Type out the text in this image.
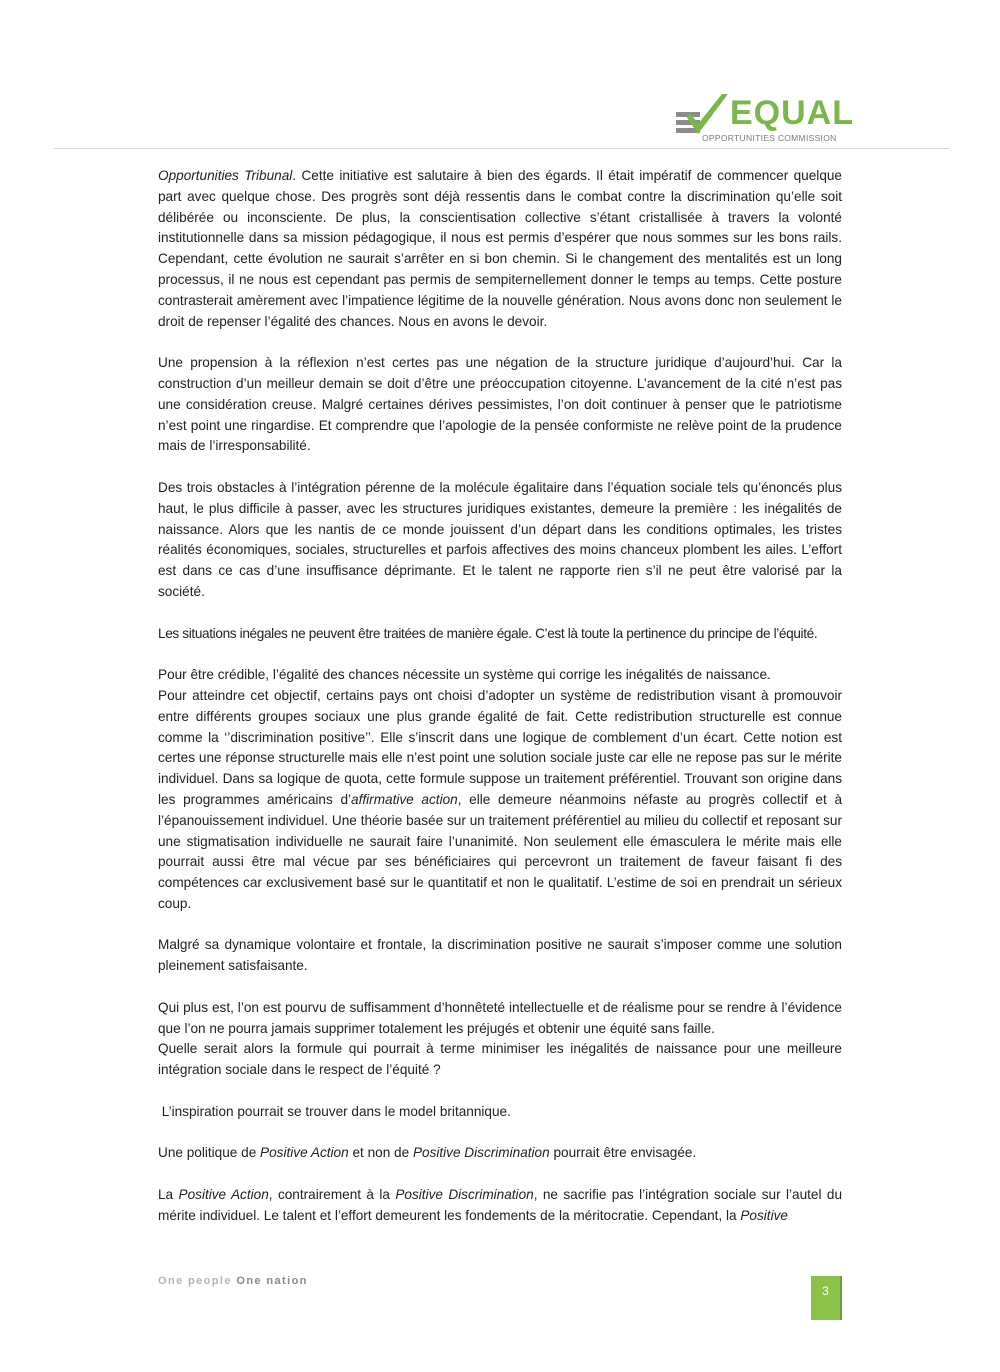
EQUAL
OPPORTUNITIES COMMISSION

Opportunities Tribunal. Cette initiative est salutaire à bien des égards. Il était impératif de commencer quelque part avec quelque chose. Des progrès sont déjà ressentis dans le combat contre la discrimination qu’elle soit délibérée ou inconsciente. De plus, la conscientisation collective s’étant cristallisée à travers la volonté institutionnelle dans sa mission pédagogique, il nous est permis d’espérer que nous sommes sur les bons rails. Cependant, cette évolution ne saurait s’arrêter en si bon chemin. Si le changement des mentalités est un long processus, il ne nous est cependant pas permis de sempiternellement donner le temps au temps. Cette posture contrasterait amèrement avec l’impatience légitime de la nouvelle génération. Nous avons donc non seulement le droit de repenser l’égalité des chances. Nous en avons le devoir.

Une propension à la réflexion n’est certes pas une négation de la structure juridique d’aujourd’hui. Car la construction d’un meilleur demain se doit d’être une préoccupation citoyenne. L’avancement de la cité n’est pas une considération creuse. Malgré certaines dérives pessimistes, l’on doit continuer à penser que le patriotisme n’est point une ringardise. Et comprendre que l’apologie de la pensée conformiste ne relève point de la prudence mais de l’irresponsabilité.

Des trois obstacles à l’intégration pérenne de la molécule égalitaire dans l’équation sociale tels qu’énoncés plus haut, le plus difficile à passer, avec les structures juridiques existantes, demeure la première : les inégalités de naissance. Alors que les nantis de ce monde jouissent d’un départ dans les conditions optimales, les tristes réalités économiques, sociales, structurelles et parfois affectives des moins chanceux plombent les ailes. L’effort est dans ce cas d’une insuffisance déprimante. Et le talent ne rapporte rien s’il ne peut être valorisé par la société.

Les situations inégales ne peuvent être traitées de manière égale. C’est là toute la pertinence du principe de l’équité.

Pour être crédible, l’égalité des chances nécessite un système qui corrige les inégalités de naissance.
Pour atteindre cet objectif, certains pays ont choisi d’adopter un système de redistribution visant à promouvoir entre différents groupes sociaux une plus grande égalité de fait. Cette redistribution structurelle est connue comme la ‘’discrimination positive’’. Elle s’inscrit dans une logique de comblement d’un écart. Cette notion est certes une réponse structurelle mais elle n’est point une solution sociale juste car elle ne repose pas sur le mérite individuel. Dans sa logique de quota, cette formule suppose un traitement préférentiel. Trouvant son origine dans les programmes américains d’affirmative action, elle demeure néanmoins néfaste au progrès collectif et à l’épanouissement individuel. Une théorie basée sur un traitement préférentiel au milieu du collectif et reposant sur une stigmatisation individuelle ne saurait faire l’unanimité. Non seulement elle émasculera le mérite mais elle pourrait aussi être mal vécue par ses bénéficiaires qui percevront un traitement de faveur faisant fi des compétences car exclusivement basé sur le quantitatif et non le qualitatif. L’estime de soi en prendrait un sérieux coup.

Malgré sa dynamique volontaire et frontale, la discrimination positive ne saurait s’imposer comme une solution pleinement satisfaisante.

Qui plus est, l’on est pourvu de suffisamment d’honnêteté intellectuelle et de réalisme pour se rendre à l’évidence que l’on ne pourra jamais supprimer totalement les préjugés et obtenir une équité sans faille.
Quelle serait alors la formule qui pourrait à terme minimiser les inégalités de naissance pour une meilleure intégration sociale dans le respect de l’équité ?

L’inspiration pourrait se trouver dans le model britannique.

Une politique de Positive Action et non de Positive Discrimination pourrait être envisagée.

La Positive Action, contrairement à la Positive Discrimination, ne sacrifie pas l’intégration sociale sur l’autel du mérite individuel. Le talent et l’effort demeurent les fondements de la méritocratie. Cependant, la Positive

One people One nation
3
